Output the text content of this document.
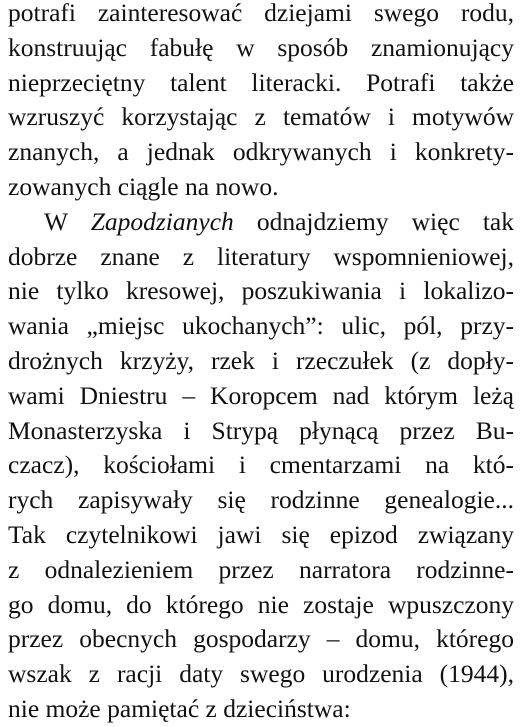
potrafi zainteresować dziejami swego rodu,
konstruując fabułę w sposób znamionujący
nieprzeciętny talent literacki. Potrafi także
wzruszyć korzystając z tematów i motywów
znanych, a jednak odkrywanych i konkrety-
zowanych ciągle na nowo.
W Zapodzianych odnajdziemy więc tak
dobrze znane z literatury wspomnieniowej,
nie tylko kresowej, poszukiwania i lokalizo-
wania „miejsc ukochanych”: ulic, pól, przy-
drożnych krzyży, rzek i rzeczułek (z dopły-
wami Dniestru – Koropcem nad którym leżą
Monasterzyska i Strypą płynącą przez Bu-
czacz), kościołami i cmentarzami na któ-
rych zapisywały się rodzinne genealogie...
Tak czytelnikowi jawi się epizod związany
z odnalezieniem przez narratora rodzinne-
go domu, do którego nie zostaje wpuszczony
przez obecnych gospodarzy – domu, którego
wszak z racji daty swego urodzenia (1944),
nie może pamiętać z dzieciństwa:
